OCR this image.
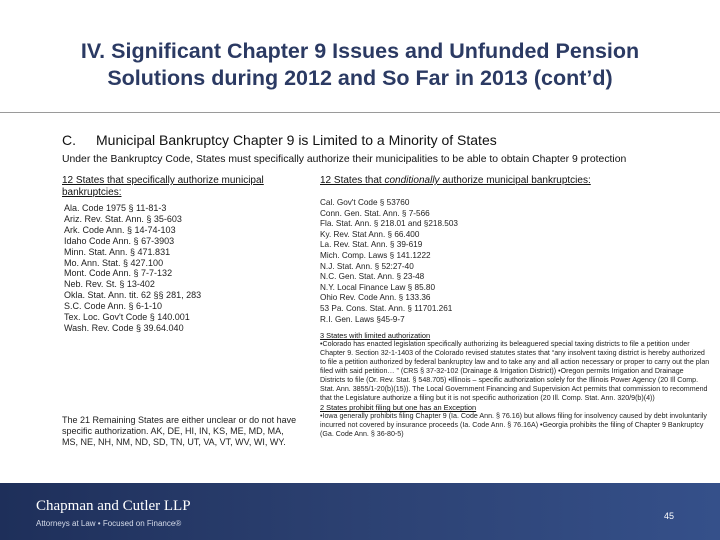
IV. Significant Chapter 9 Issues and Unfunded Pension
Solutions during 2012 and So Far in 2013 (cont’d)
C. Municipal Bankruptcy Chapter 9 is Limited to a Minority of States
Under the Bankruptcy Code, States must specifically authorize their municipalities to be able to obtain Chapter 9 protection
12 States that specifically authorize municipal bankruptcies:
Ala. Code 1975 § 11-81-3
Ariz. Rev. Stat. Ann. § 35-603
Ark. Code Ann. § 14-74-103
Idaho Code Ann. § 67-3903
Minn. Stat. Ann. § 471.831
Mo. Ann. Stat. § 427.100
Mont. Code Ann. § 7-7-132
Neb. Rev. St. § 13-402
Okla. Stat. Ann. tit. 62 §§ 281, 283
S.C. Code Ann. § 6-1-10
Tex. Loc. Gov't Code § 140.001
Wash. Rev. Code § 39.64.040
The 21 Remaining States are either unclear or do not have specific authorization. AK, DE, HI, IN, KS, ME, MD, MA, MS, NE, NH, NM, ND, SD, TN, UT, VA, VT, WV, WI, WY.
12 States that conditionally authorize municipal bankruptcies:
Cal. Gov't Code § 53760
Conn. Gen. Stat. Ann. § 7-566
Fla. Stat. Ann. § 218.01 and §218.503
Ky. Rev. Stat Ann. § 66.400
La. Rev. Stat. Ann. § 39-619
Mich. Comp. Laws § 141.1222
N.J. Stat. Ann. § 52:27-40
N.C. Gen. Stat. Ann. § 23-48
N.Y. Local Finance Law § 85.80
Ohio Rev. Code Ann. § 133.36
53 Pa. Cons. Stat. Ann. § 11701.261
R.I. Gen. Laws §45-9-7
3 States with limited authorization
•Colorado has enacted legislation specifically authorizing its beleaguered special taxing districts to file a petition under Chapter 9. Section 32-1-1403 of the Colorado revised statutes states that “any insolvent taxing district is hereby authorized to file a petition authorized by federal bankruptcy law and to take any and all action necessary or proper to carry out the plan filed with said petition… ” (CRS § 37-32-102 (Drainage & Irrigation District)) •Oregon permits Irrigation and Drainage Districts to file (Or. Rev. Stat. § 548.705) •Illinois – specific authorization solely for the Illinois Power Agency (20 Ill Comp. Stat. Ann. 3855/1-20(b)(15)). The Local Government Financing and Supervision Act permits that commission to recommend that the Legislature authorize a filing but it is not specific authorization (20 Ill. Comp. Stat. Ann. 320/9(b)(4))
2 States prohibit filing but one has an Exception
•Iowa generally prohibits filing Chapter 9 (Ia. Code Ann. § 76.16) but allows filing for insolvency caused by debt involuntarily incurred not covered by insurance proceeds (Ia. Code Ann. § 76.16A) •Georgia prohibits the filing of Chapter 9 Bankruptcy (Ga. Code Ann. § 36-80-5)
Chapman and Cutler LLP
Attorneys at Law • Focused on Finance®
45
